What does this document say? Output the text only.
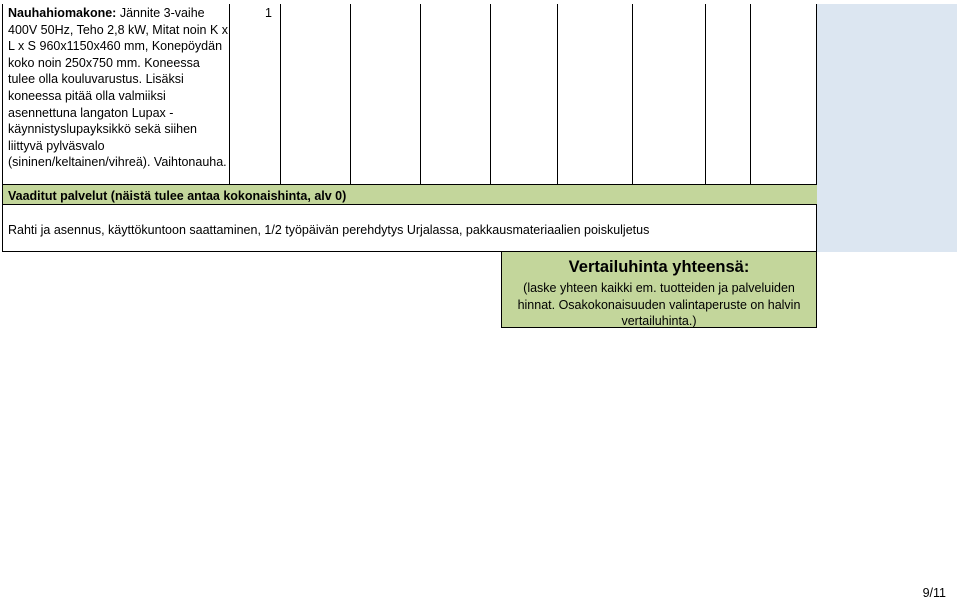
Nauhahiomakone: Jännite 3-vaihe 400V 50Hz, Teho 2,8 kW, Mitat noin K x L x S 960x1150x460 mm, Konepöydän koko noin 250x750 mm. Koneessa tulee olla kouluvarustus. Lisäksi koneessa pitää olla valmiiksi asennettuna langaton Lupax -käynnistyslupayksikkö sekä siihen liittyvä pylväsvalo (sininen/keltainen/vihreä). Vaihtonauha.
1
Vaaditut palvelut (näistä tulee antaa kokonaishinta, alv 0)
Rahti ja asennus, käyttökuntoon saattaminen, 1/2 työpäivän perehdytys Urjalassa, pakkausmateriaalien poiskuljetus
Vertailuhinta yhteensä:
(laske yhteen kaikki em. tuotteiden ja palveluiden hinnat. Osakokonaisuuden valintaperuste on halvin vertailuhinta.)
9/11
